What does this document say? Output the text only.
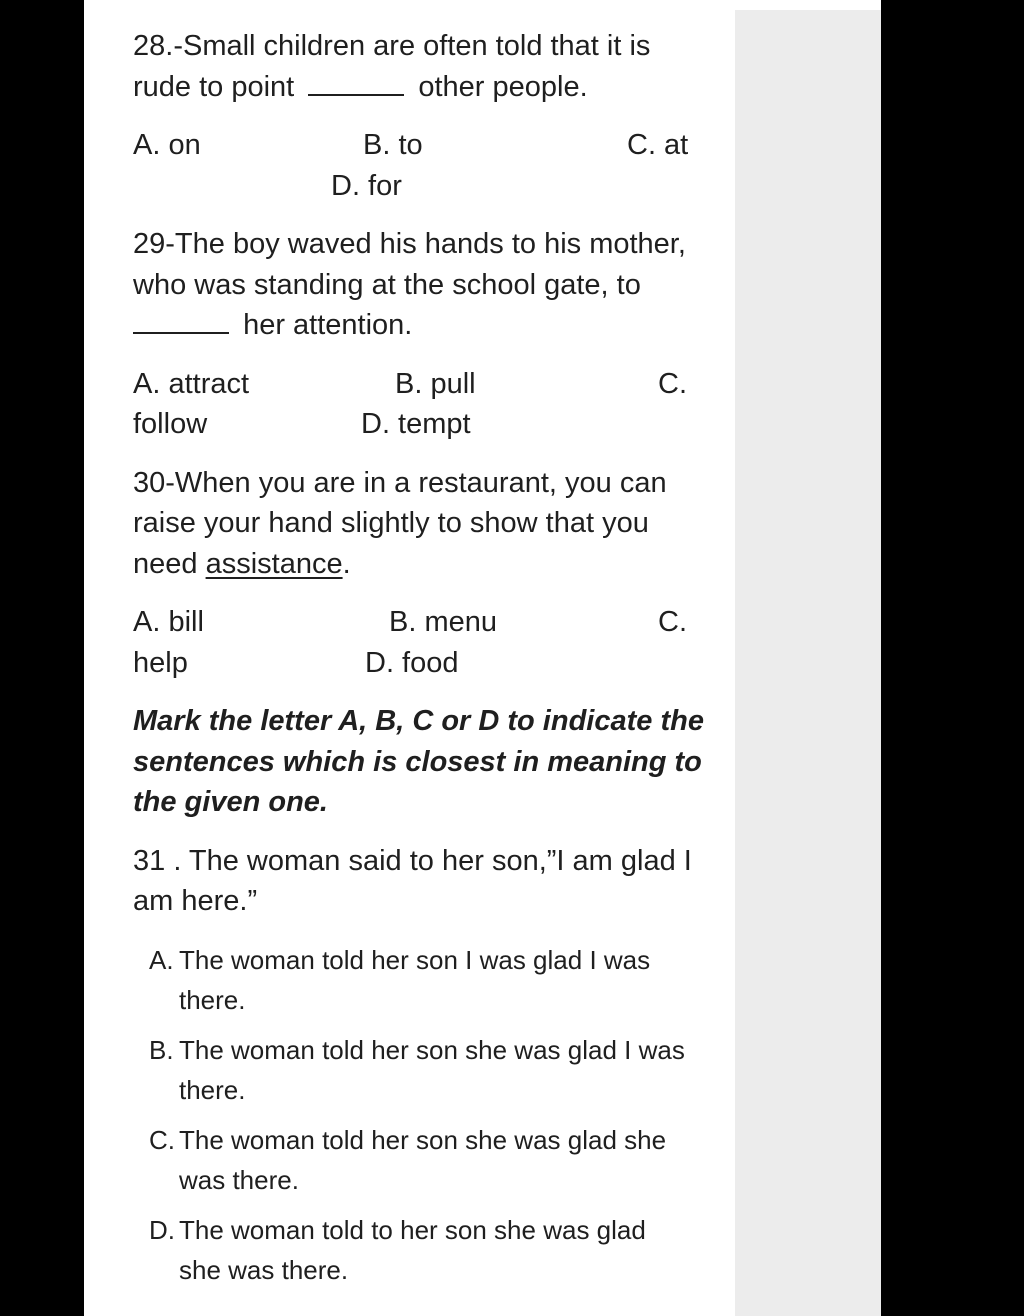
28.-Small children are often told that it is

rude to point	other people.

A. on	B. to	C. at
D. for

29-The boy waved his hands to his mother,

who was standing at the school gate, to

her attention.

A. attract	B. pull	C.
follow	D. tempt

30-When you are in a restaurant, you can

raise your hand slightly to show that you

need assistance.

A. bill	B. menu	C.
help	D. food

Mark the letter A, B, C or D to indicate the

sentences which is closest in meaning to

the given one.

31 . The woman said to her son,”I am glad I

am here.”

A. The woman told her son I was glad I was
there.
B. The woman told her son she was glad I was
there.
C. The woman told her son she was glad she
was there.
D. The woman told to her son she was glad
she was there.
